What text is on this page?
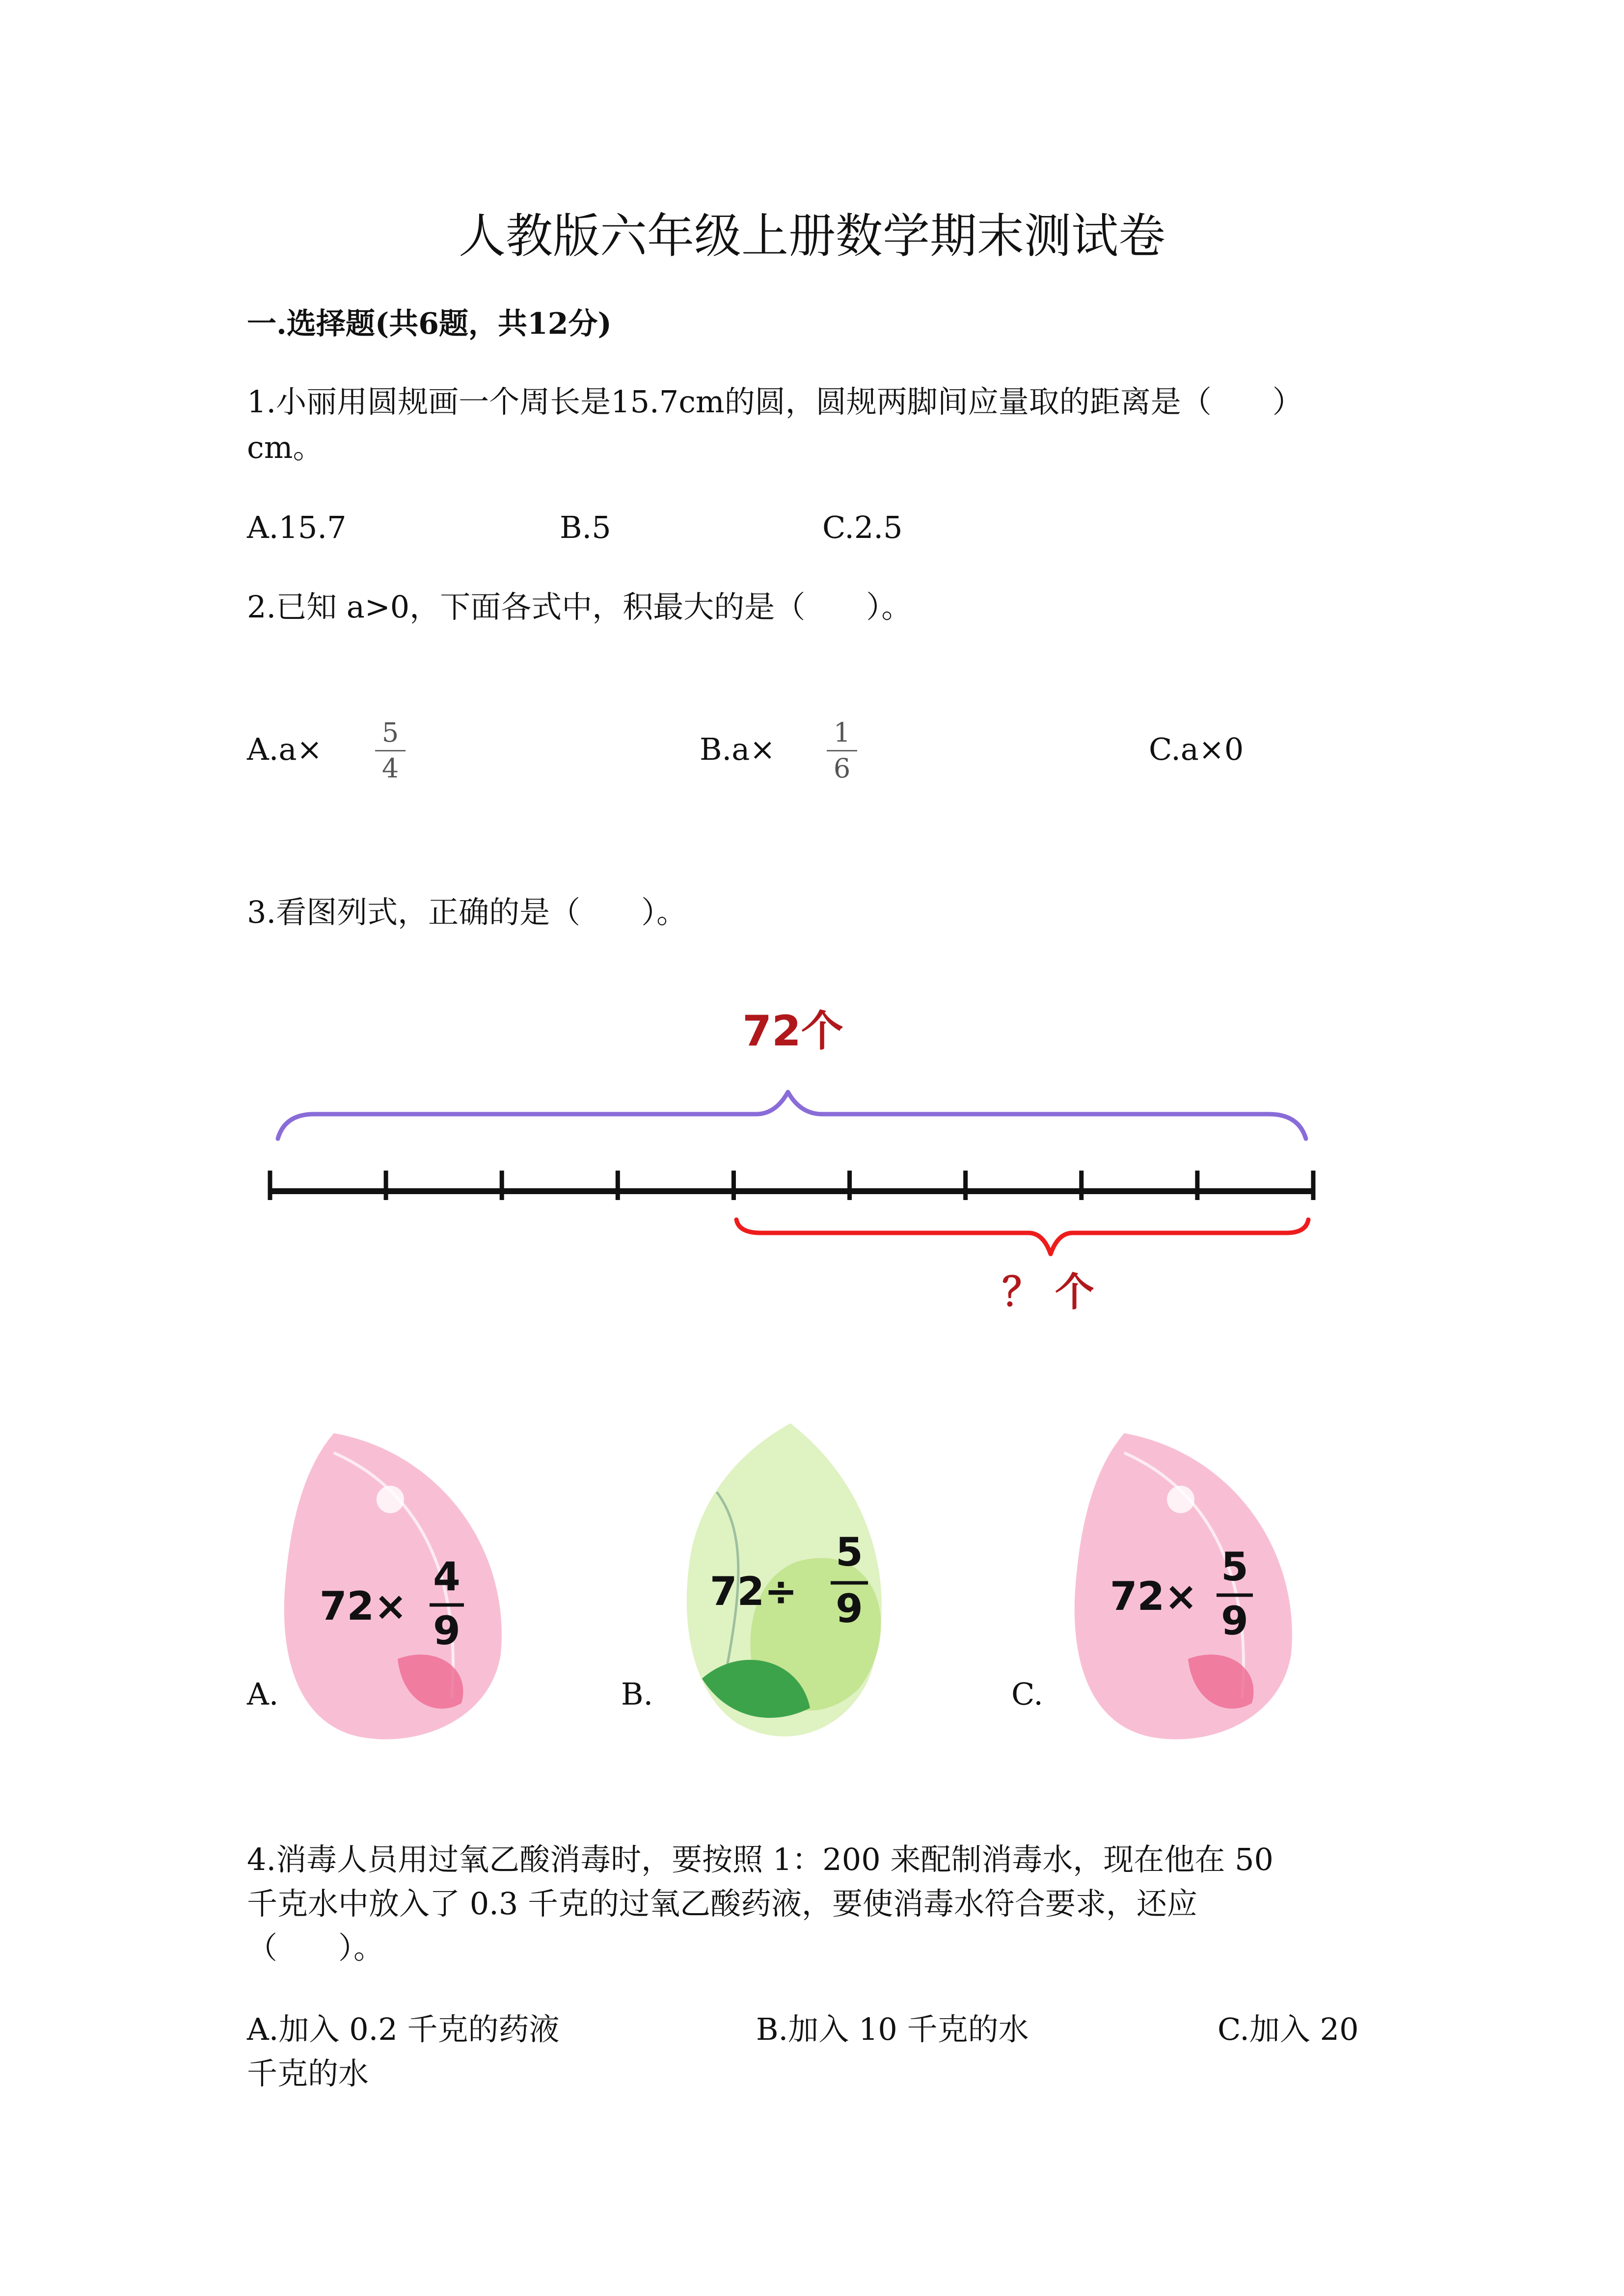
人教版六年级上册数学期末测试卷
一.选择题(共6题，共12分)
1.小丽用圆规画一个周长是15.7cm的圆，圆规两脚间应量取的距离是（　　）
cm。
A.15.7	B.5	C.2.5
2.已知 a>0，下面各式中，积最大的是（　　）。
A.a×	5
4
B.a×	1
6
C.a×0
3.看图列式，正确的是（　　）。
72个
？ 个
A.	B.	C.
72×
4
9
72÷
5
9	72×
5
9
4.消毒人员用过氧乙酸消毒时，要按照 1：200 来配制消毒水，现在他在 50
千克水中放入了 0.3 千克的过氧乙酸药液，要使消毒水符合要求，还应
（　　）。
A.加入 0.2 千克的药液	B.加入 10 千克的水	C.加入 20
千克的水
